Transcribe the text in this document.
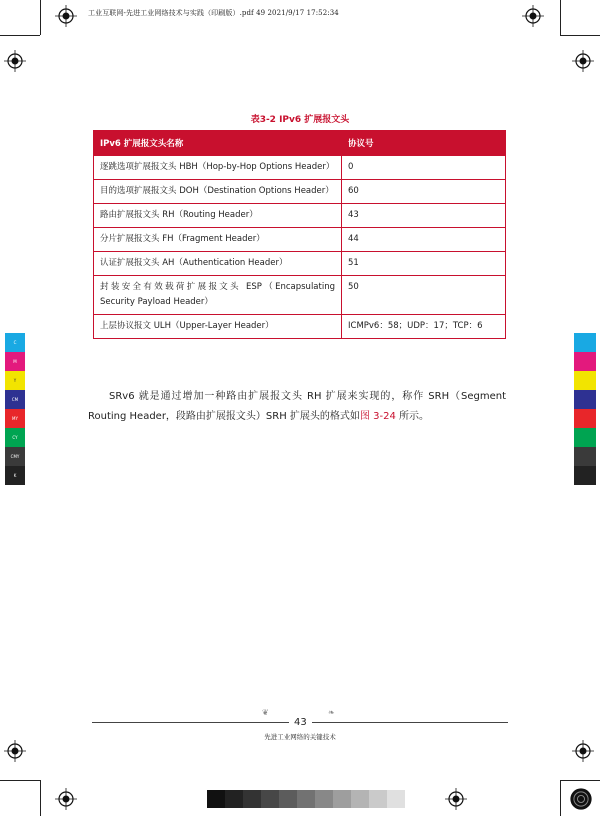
工业互联网-先进工业网络技术与实践（印刷版）.pdf 49 2021/9/17 17:52:34
C
M
Y
CM
MY
CY
CMY
K
表3-2 IPv6 扩展报文头
IPv6 扩展报文头名称	协议号
逐跳选项扩展报文头 HBH（Hop-by-Hop Options Header）	0
目的选项扩展报文头 DOH（Destination Options Header）	60
路由扩展报文头 RH（Routing Header）	43
分片扩展报文头 FH（Fragment Header）	44
认证扩展报文头 AH（Authentication Header）	51
封装安全有效载荷扩展报文头 ESP（Encapsulating Security Payload Header）	50
上层协议报文 ULH（Upper-Layer Header）	ICMPv6：58；UDP：17；TCP：6
SRv6 就是通过增加一种路由扩展报文头 RH 扩展来实现的，称作 SRH（Segment Routing Header，段路由扩展报文头）SRH 扩展头的格式如图 3-24 所示。
❦	❧
43
先进工业网络的关键技术
